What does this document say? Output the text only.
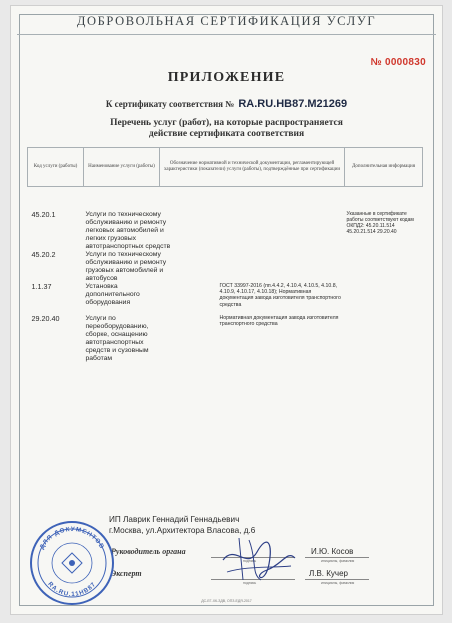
ДОБРОВОЛЬНАЯ СЕРТИФИКАЦИЯ УСЛУГ
№ 0000830
ПРИЛОЖЕНИЕ
К сертификату соответствия № RA.RU.HB87.M21269
Перечень услуг (работ), на которые распространяется
действие сертификата соответствия
Код услуги (работы)	Наименование услуги (работы)	Обозначение нормативной и технической документации, регламентирующей характеристики (показатели) услуги (работы), подтверждённые при сертификации	Дополнительная информация

45.20.1	Услуги по техническому обслуживанию и ремонту легковых автомобилей и легких грузовых автотранспортных средств		Указанные в сертификате работы соответствуют кодам ОКПД2: 45.20.11.514 45.20.21.514 29.20.40
45.20.2	Услуги по техническому обслуживанию и ремонту грузовых автомобилей и автобусов		
1.1.37	Установка дополнительного оборудования	ГОСТ 33997-2016 (пп.4.4.2, 4.10.4, 4.10.5, 4.10.8, 4.10.9, 4.10.17, 4.10.18); Нормативная документация завода изготовителя транспортного средства	
29.20.40	Услуги по переоборудованию, сборке, оснащению автотранспортных средств и сузовным работам	Нормативная документация завода изготовителя транспортного средства	
ИП Лаврик Геннадий Геннадьевич
г.Москва, ул.Архитектора Власова, д.6
Руководитель органа
подпись
И.Ю. Косов
инициалы, фамилия
Эксперт
подпись
Л.В. Кучер
инициалы, фамилия
ДЛЯ ДОКУМЕНТОВ
RA.RU.11HB87
ДС-ЕГ-ХК-ЗДВ, ОПЗ-ЕДЯ-2017
